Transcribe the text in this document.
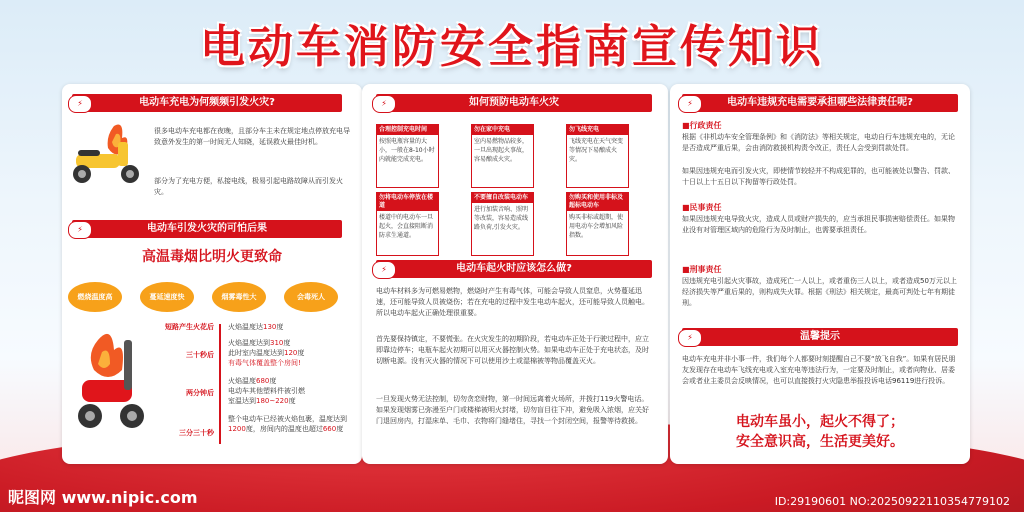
电动车消防安全指南宣传知识
⚡	电动车充电为何频频引发火灾?
很多电动车充电都在夜晚，且部分车主未在规定地点停放充电导致意外发生的第一时间无人知晓，延误救火最佳时机。
部分为了充电方便，私接电线，极易引起电路故障从而引发火灾。
⚡	电动车引发火灾的可怕后果
高温毒烟比明火更致命
燃烧温度高	蔓延速度快	烟雾毒性大	会毒死人
短路产生火花后 火焰温度达130度
三十秒后
火焰温度达到310度
此时室内温度达到120度
有毒气体覆盖整个房间!
两分钟后
火焰温度680度
电动车其他塑料件被引燃
室温达到180~220度
三分三十秒
整个电动车已经被火焰包裹，温度达到1200度，房间内的温度也超过660度
⚡	如何预防电动车火灾
合理控制充电时间
按照电瓶容量的大小，一般在8-10小时内就能完成充电。
勿在家中充电
室内易燃物品较多，一旦出现起火事故，容易酿成火灾。
勿飞线充电
飞线充电在天气突变等情况下易酿成火灾。
勿将电动车停放在楼道
楼道中的电动车一旦起火，会直接阻断消防求生通道。
不要擅自改装电动车
进行加装音响、照明等改装，容易造成线路负荷,引发火灾。
勿购买和使用非标及超标电动车
购买非标或超期，使用电动车会增加风险指数。
⚡	电动车起火时应该怎么做?
电动车材料多为可燃易燃物，燃烧时产生有毒气体，可能会导致人员窒息，火势蔓延迅速，还可能导致人员被烧伤；若在充电的过程中发生电动车起火，还可能导致人员触电。所以电动车起火正确处理很重要。
首先要保持镇定，不要慌张。在火灾发生的初期阶段，若电动车正处于行驶过程中，应立即靠边停车；电瓶车起火初期可以用灭火器控制火势。如果电动车正处于充电状态，及时切断电源。没有灭火器的情况下可以使用沙土或湿棉被等物品覆盖灭火。
一旦发现火势无法控制，切勿贪恋财物，第一时间远离着火场所，并拨打119火警电话。如果发现烟雾已弥漫至户门或楼梯被明火封堵，切勿盲目往下冲，避免吸入浓烟，应关好门退回房内，打湿床单、毛巾、衣物将门缝堵住，寻找一个封闭空间，报警等待救援。
⚡	电动车违规充电需要承担哪些法律责任呢?
■行政责任
根据《非机动车安全管理条例》和《消防法》等相关规定，电动自行车违规充电的，无论是否造成严重后果，会由消防救援机构责令改正，责任人会受到罚款处罚。
如果因违规充电而引发火灾，即使情节较轻并不构成犯罪的，也可能被处以警告、罚款、十日以上十五日以下拘留等行政处罚。
■民事责任
如果因违规充电导致火灾，造成人员或财产损失的，应当承担民事损害赔偿责任。如果物业没有对管理区域内的危险行为及时制止，也需要承担责任。
■刑事责任
因违规充电引起火灾事故，造成死亡一人以上，或者重伤三人以上，或者造成50万元以上经济损失等严重后果的，则构成失火罪。根据《刑法》相关规定，最高可判处七年有期徒刑。
⚡	温馨提示
电动车充电并非小事一件，我们每个人都要时刻提醒自己不要“放飞自我”。如果有居民朋友发现存在电动车飞线充电或入室充电等违法行为，一定要及时制止，或者向物业、居委会或者业主委员会反映情况，也可以直接拨打火灾隐患举报投诉电话96119进行投诉。
电动车虽小，起火不得了；
安全意识高，生活更美好。
昵图网 www.nipic.com	ID:29190601 NO:20250922110354779102
